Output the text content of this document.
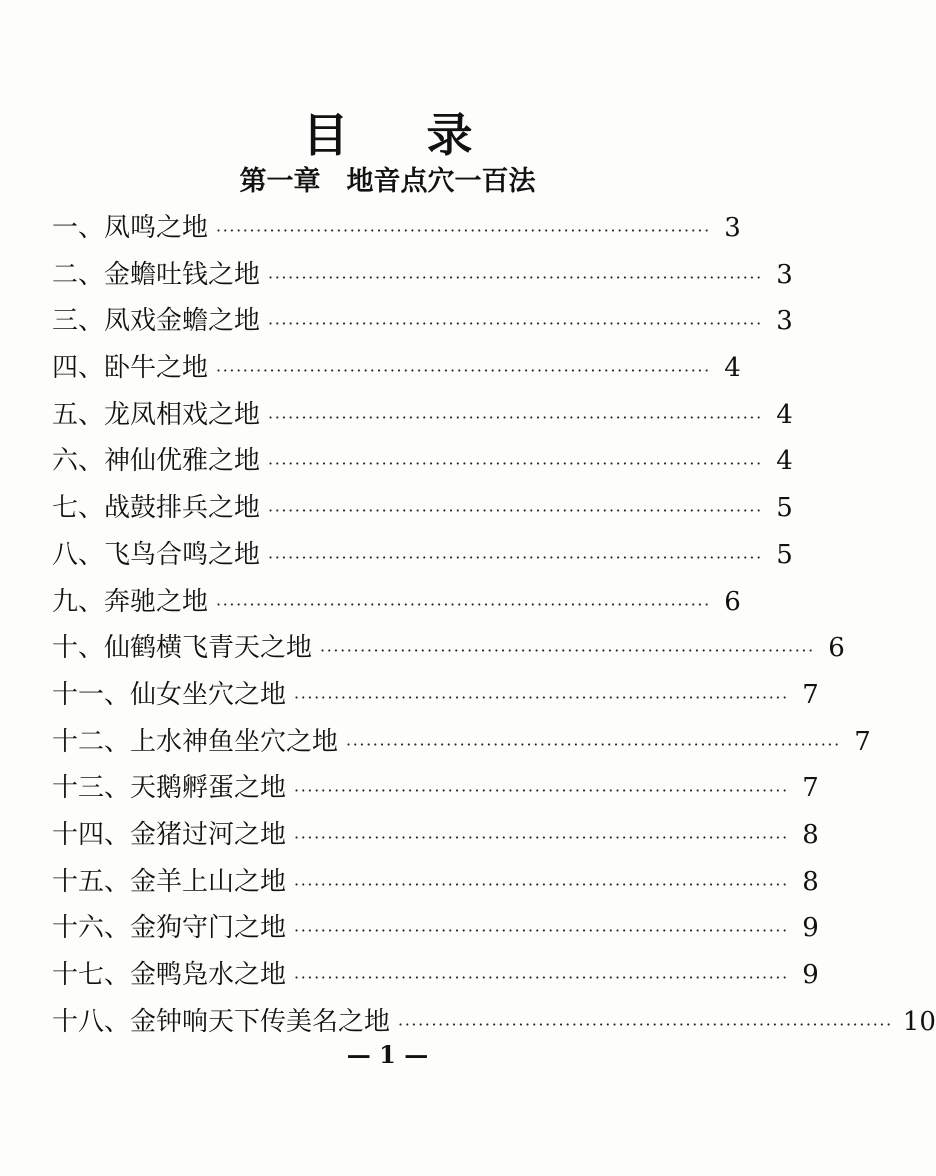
目 录
第一章 地音点穴一百法
一、凤鸣之地 ·········································································· 3
二、金蟾吐钱之地 ·········································································· 3
三、凤戏金蟾之地 ·········································································· 3
四、卧牛之地 ·········································································· 4
五、龙凤相戏之地 ·········································································· 4
六、神仙优雅之地 ·········································································· 4
七、战鼓排兵之地 ·········································································· 5
八、飞鸟合鸣之地 ·········································································· 5
九、奔驰之地 ·········································································· 6
十、仙鹤横飞青天之地 ·········································································· 6
十一、仙女坐穴之地 ·········································································· 7
十二、上水神鱼坐穴之地 ·········································································· 7
十三、天鹅孵蛋之地 ·········································································· 7
十四、金猪过河之地 ·········································································· 8
十五、金羊上山之地 ·········································································· 8
十六、金狗守门之地 ·········································································· 9
十七、金鸭凫水之地 ·········································································· 9
十八、金钟响天下传美名之地 ·········································································· 10
— 1 —
